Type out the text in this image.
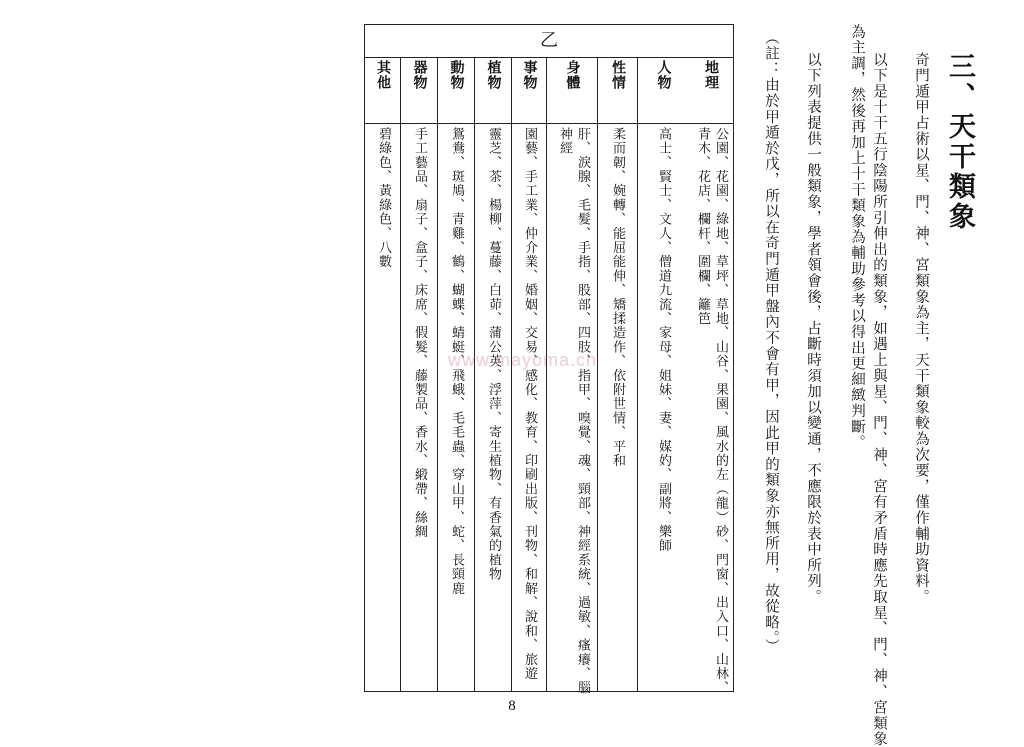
三、天干類象
奇門遁甲占術以星、門、神、宮類象為主，天干類象較為次要，僅作輔助資料。
以下是十干五行陰陽所引伸出的類象，如遇上與星、門、神、宮有矛盾時應先取星、門、神、宮類象
為主調，然後再加上十干類象為輔助參考以得出更細緻判斷。
以下列表提供一般類象，學者領會後，占斷時須加以變通，不應限於表中所列。
（註：由於甲遁於戊，所以在奇門遁甲盤內不會有甲，因此甲的類象亦無所用，故從略。）
乙
地理
公園、花園、綠地、草坪、草地、山谷、果園、風水的左（龍）砂、門窗、出入口、山林、
青木、花店、欄杆、圍欄、籬笆
人物
高士、賢士、文人、僧道九流、家母、姐妹、妻、媒妁、副將、樂師
性情
柔而韌、婉轉、能屈能伸、矯揉造作、依附世情、平和
身體
肝、淚腺、毛髮、手指、股部、四肢、指甲、嗅覺、魂、頸部、神經系統、過敏、瘙癢、腦
神經
事物
園藝、手工業、仲介業、婚姻、交易、感化、教育、印刷出版、刊物、和解、說和、旅遊
植物
靈芝、茶、楊柳、蔓藤、白茆、蒲公英、浮萍、寄生植物、有香氣的植物
動物
鴛鴦、斑鳩、青雞、鶴、蝴蝶、蜻蜓、飛蛾、毛毛蟲、穿山甲、蛇、長頸鹿
器物
手工藝品、扇子、盒子、床席、假髮、藤製品、香水、緞帶、絲綢
其他
碧綠色、黃綠色、八數
www.mayoma.cn
8
